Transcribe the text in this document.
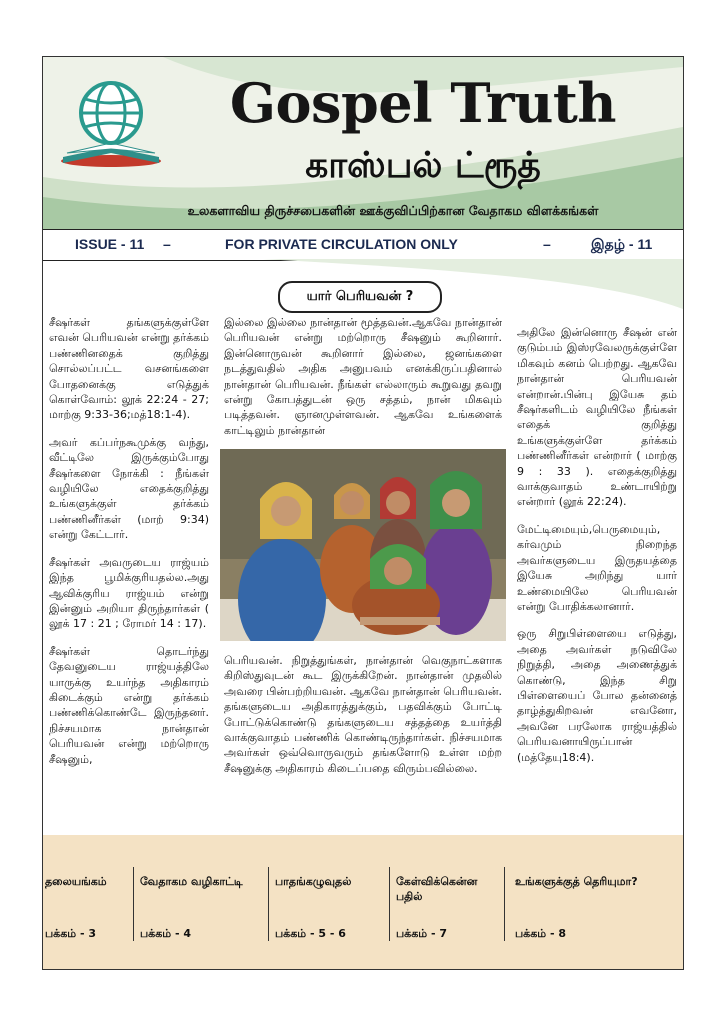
Gospel Truth
காஸ்பல் ட்ரூத்
உலகளாவிய திருச்சபைகளின் ஊக்குவிப்பிற்கான வேதாகம விளக்கங்கள்
ISSUE - 11 –	FOR PRIVATE CIRCULATION ONLY	–	இதழ் - 11
யார் பெரியவன் ?

சீஷர்கள் தங்களுக்குள்ளே எவன் பெரியவன் என்று தர்க்கம் பண்ணினதைக் குறித்து சொல்லப்பட்ட வசனங்களை போதனைக்கு எடுத்துக் கொள்வோம்: லூக் 22:24 - 27; மாற்கு 9:33-36;மத்18:1-4).

அவர் கப்பர்நகூமுக்கு வந்து, வீட்டிலே இருக்கும்போது சீஷர்களை நோக்கி : நீங்கள் வழியிலே எதைக்குறித்து உங்களுக்குள் தர்க்கம் பண்ணினீர்கள் (மாற் 9:34) என்று கேட்டார்.

சீஷர்கள் அவருடைய ராஜ்யம் இந்த பூமிக்குரியதல்ல.அது ஆவிக்குரிய ராஜ்யம் என்று இன்னும் அறியா திருந்தார்கள் ( லூக் 17 : 21 ; ரோமர் 14 : 17).

சீஷர்கள் தொடர்ந்து தேவனுடைய ராஜ்யத்திலே யாருக்கு உயர்ந்த அதிகாரம் கிடைக்கும் என்று தர்க்கம் பண்ணிக்கொண்டே இருந்தனர். நிச்சயமாக நான்தான் பெரியவன் என்று மற்றொரு சீஷனும்,

இல்லை இல்லை நான்தான் மூத்தவன்.ஆகவே நான்தான் பெரியவன் என்று மற்றொரு சீஷனும் கூறினார். இன்னொருவன் கூறினார் இல்லை, ஜனங்களை நடத்துவதில் அதிக அனுபவம் எனக்கிருப்பதினால் நான்தான் பெரியவன். நீங்கள் எல்லாரும் கூறுவது தவறு என்று கோபத்துடன் ஒரு சத்தம், நான் மிகவும் படித்தவன். ஞானமுள்ளவன். ஆகவே உங்களைக் காட்டிலும் நான்தான்

பெரியவன். நிறுத்துங்கள், நான்தான் வெகுநாட்களாக கிறிஸ்துவுடன் கூட இருக்கிறேன். நான்தான் முதலில் அவரை பின்பற்றியவன். ஆகவே நான்தான் பெரியவன். தங்களுடைய அதிகாரத்துக்கும், பதவிக்கும் போட்டி போட்டுக்கொண்டு தங்களுடைய சத்தத்தை உயர்த்தி வாக்குவாதம் பண்ணிக் கொண்டிருந்தார்கள். நிச்சயமாக அவர்கள் ஒவ்வொருவரும் தங்களோடு உள்ள மற்ற சீஷனுக்கு அதிகாரம் கிடைப்பதை விரும்பவில்லை.

அதிலே இன்னொரு சீஷன் என் குடும்பம் இஸ்ரவேலருக்குள்ளே மிகவும் கனம் பெற்றது. ஆகவே நான்தான் பெரியவன் என்றான்.பின்பு இயேசு தம் சீஷர்களிடம் வழியிலே நீங்கள் எதைக் குறித்து உங்களுக்குள்ளே தர்க்கம் பண்ணினீர்கள் என்றார் ( மாற்கு 9 : 33 ). எதைக்குறித்து வாக்குவாதம் உண்டாயிற்று என்றார் (லூக் 22:24).

மேட்டிமையும்,பெருமையும், கர்வமும் நிறைந்த அவர்களுடைய இருதயத்தை இயேசு அறிந்து யார் உண்மையிலே பெரியவன் என்று போதிக்கலானார்.

ஒரு சிறுபிள்ளையை எடுத்து, அதை அவர்கள் நடுவிலே நிறுத்தி, அதை அணைத்துக் கொண்டு, இந்த சிறு பிள்ளையைப் போல தன்னைத் தாழ்த்துகிறவன் எவனோ, அவனே பரலோக ராஜ்யத்தில் பெரியவனாயிருப்பான் (மத்தேயு18:4).

தலையங்கம்
பக்கம் - 3
வேதாகம வழிகாட்டி
பக்கம் - 4
பாதங்கழுவுதல்
பக்கம் - 5 - 6
கேள்விக்கென்ன பதில்
பக்கம் - 7
உங்களுக்குத் தெரியுமா?
பக்கம் - 8
